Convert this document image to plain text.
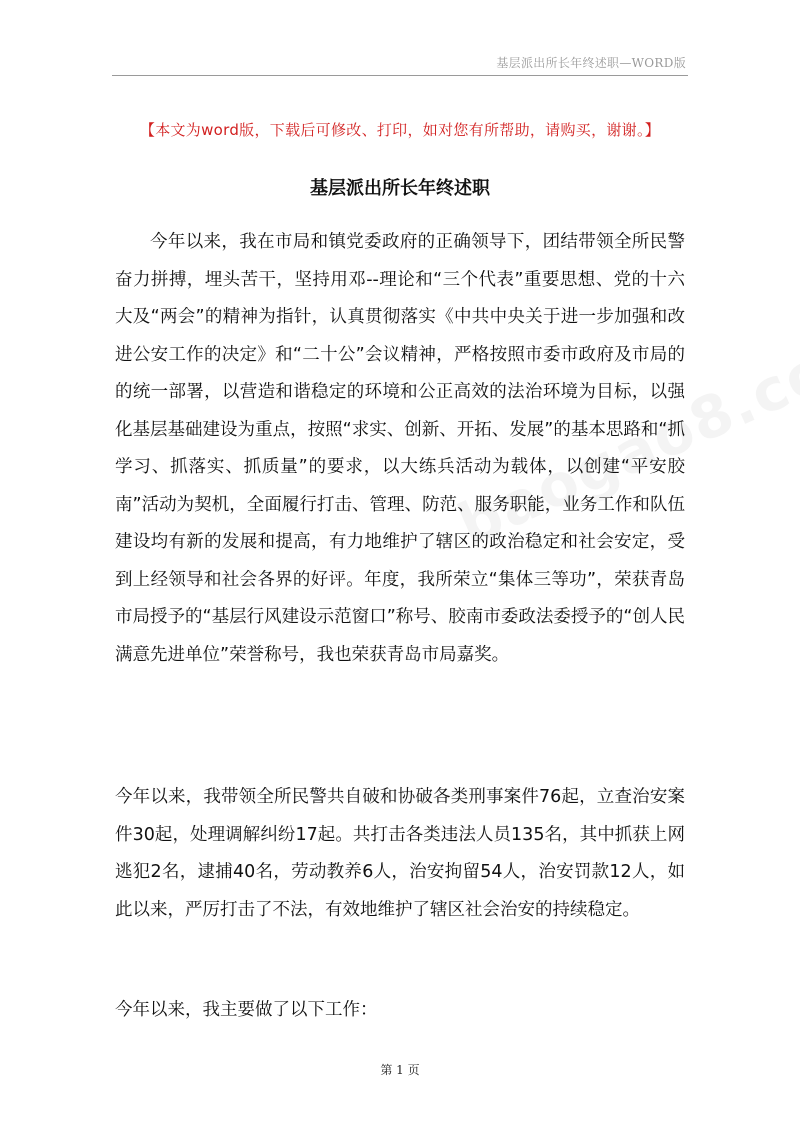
基层派出所长年终述职—WORD版
【本文为word版，下载后可修改、打印，如对您有所帮助，请购买，谢谢。】
基层派出所长年终述职

今年以来，我在市局和镇党委政府的正确领导下，团结带领全所民警奋力拼搏，埋头苦干，坚持用邓--理论和“三个代表”重要思想、党的十六大及“两会”的精神为指针，认真贯彻落实《中共中央关于进一步加强和改进公安工作的决定》和“二十公”会议精神，严格按照市委市政府及市局的的统一部署，以营造和谐稳定的环境和公正高效的法治环境为目标，以强化基层基础建设为重点，按照“求实、创新、开拓、发展”的基本思路和“抓学习、抓落实、抓质量”的要求，以大练兵活动为载体，以创建“平安胶南”活动为契机，全面履行打击、管理、防范、服务职能，业务工作和队伍建设均有新的发展和提高，有力地维护了辖区的政治稳定和社会安定，受到上经领导和社会各界的好评。年度，我所荣立“集体三等功”，荣获青岛市局授予的“基层行风建设示范窗口”称号、胶南市委政法委授予的“创人民满意先进单位”荣誉称号，我也荣获青岛市局嘉奖。

今年以来，我带领全所民警共自破和协破各类刑事案件76起，立查治安案件30起，处理调解纠纷17起。共打击各类违法人员135名，其中抓获上网逃犯2名，逮捕40名，劳动教养6人，治安拘留54人，治安罚款12人，如此以来，严厉打击了不法，有效地维护了辖区社会治安的持续稳定。

今年以来，我主要做了以下工作：

第 1 页
